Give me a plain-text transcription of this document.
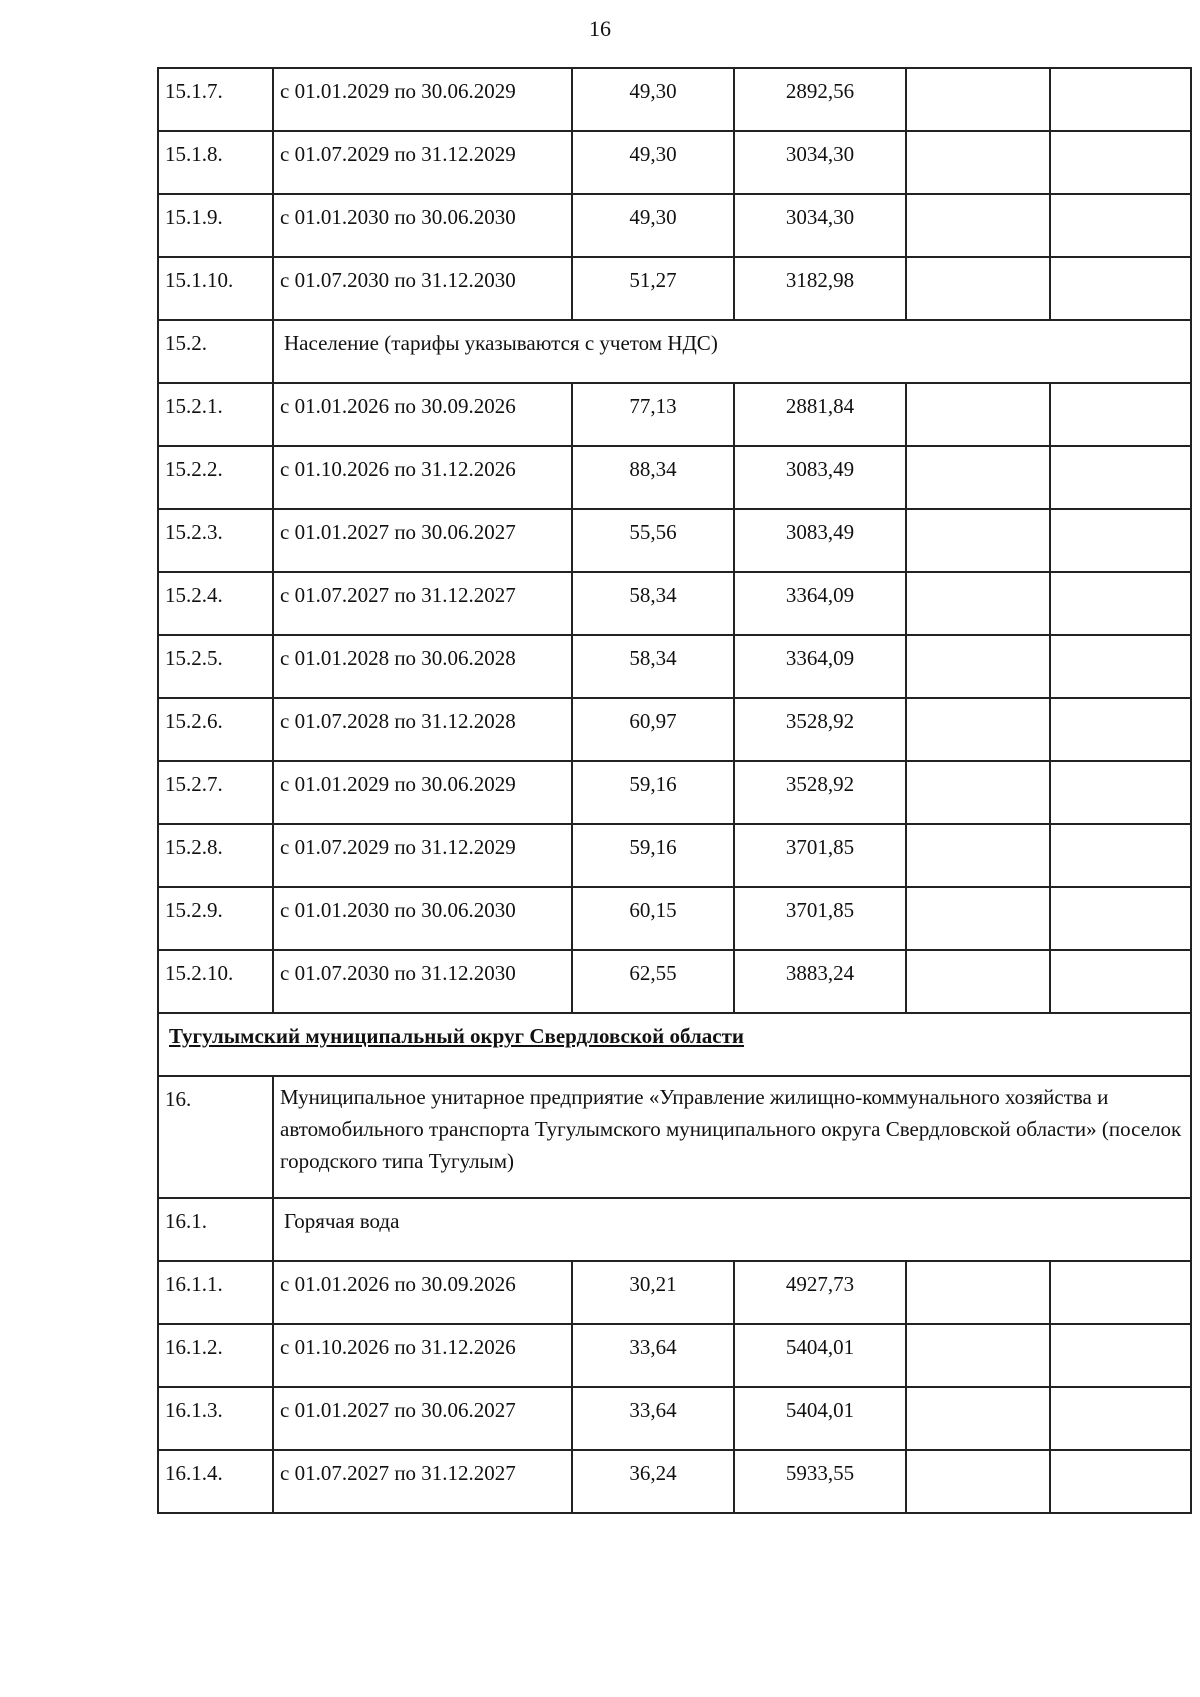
16
15.1.7.	с 01.01.2029 по 30.06.2029	49,30	2892,56		
15.1.8.	с 01.07.2029 по 31.12.2029	49,30	3034,30		
15.1.9.	с 01.01.2030 по 30.06.2030	49,30	3034,30		
15.1.10.	с 01.07.2030 по 31.12.2030	51,27	3182,98		
15.2.	Население (тарифы указываются с учетом НДС)				
15.2.1.	с 01.01.2026 по 30.09.2026	77,13	2881,84		
15.2.2.	с 01.10.2026 по 31.12.2026	88,34	3083,49		
15.2.3.	с 01.01.2027 по 30.06.2027	55,56	3083,49		
15.2.4.	с 01.07.2027 по 31.12.2027	58,34	3364,09		
15.2.5.	с 01.01.2028 по 30.06.2028	58,34	3364,09		
15.2.6.	с 01.07.2028 по 31.12.2028	60,97	3528,92		
15.2.7.	с 01.01.2029 по 30.06.2029	59,16	3528,92		
15.2.8.	с 01.07.2029 по 31.12.2029	59,16	3701,85		
15.2.9.	с 01.01.2030 по 30.06.2030	60,15	3701,85		
15.2.10.	с 01.07.2030 по 31.12.2030	62,55	3883,24		
Тугулымский муниципальный округ Свердловской области					
16.	Муниципальное унитарное предприятие «Управление жилищно-коммунального хозяйства и автомобильного транспорта Тугулымского муниципального округа Свердловской области» (поселок городского типа Тугулым)				
16.1.	Горячая вода				
16.1.1.	с 01.01.2026 по 30.09.2026	30,21	4927,73		
16.1.2.	с 01.10.2026 по 31.12.2026	33,64	5404,01		
16.1.3.	с 01.01.2027 по 30.06.2027	33,64	5404,01		
16.1.4.	с 01.07.2027 по 31.12.2027	36,24	5933,55		
